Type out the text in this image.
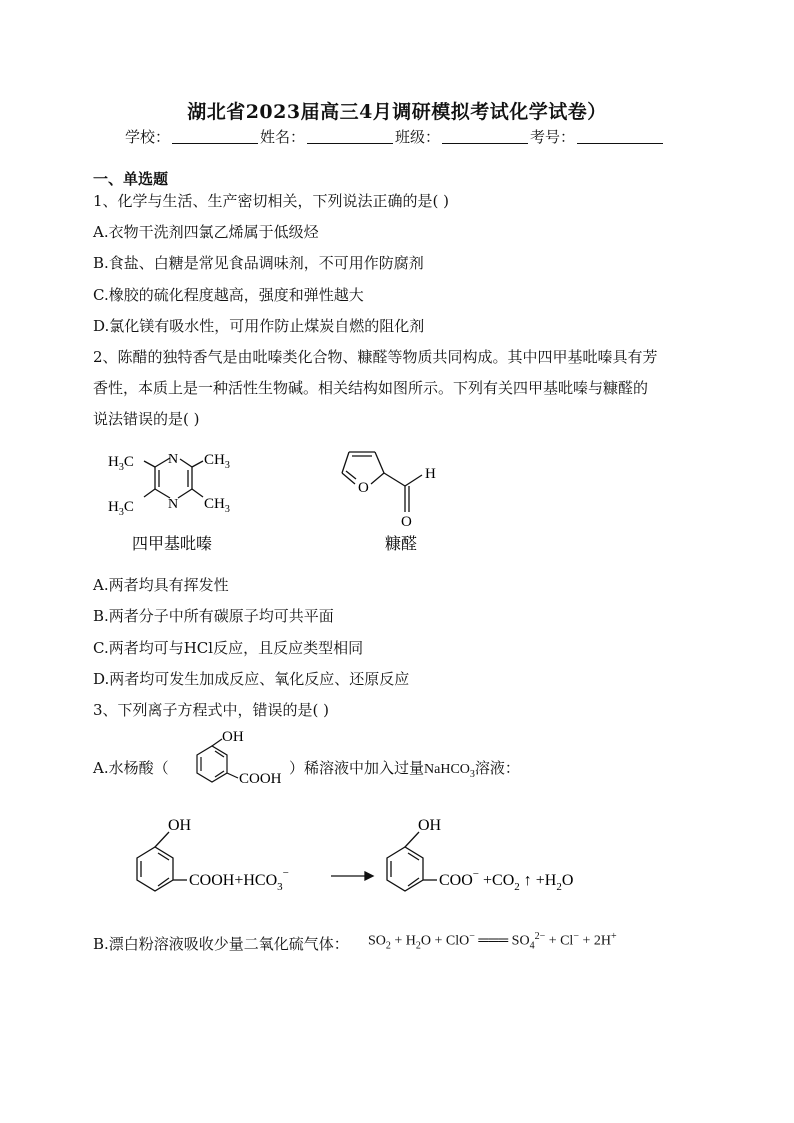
湖北省2023届高三4月调研模拟考试化学试卷）
学校：	姓名：	班级：	考号：
一、单选题
1、化学与生活、生产密切相关，下列说法正确的是( )
A.衣物干洗剂四氯乙烯属于低级烃
B.食盐、白糖是常见食品调味剂，不可用作防腐剂
C.橡胶的硫化程度越高，强度和弹性越大
D.氯化镁有吸水性，可用作防止煤炭自燃的阻化剂
2、陈醋的独特香气是由吡嗪类化合物、糠醛等物质共同构成。其中四甲基吡嗪具有芳
香性，本质上是一种活性生物碱。相关结构如图所示。下列有关四甲基吡嗪与糠醛的
说法错误的是( )
$H_3C$	$CH_3$
N
N
$H_3C$	$CH_3$
四甲基吡嗪
O
H
O
糠醛
A.两者均具有挥发性
B.两者分子中所有碳原子均可共平面
C.两者均可与HCl反应，且反应类型相同
D.两者均可发生加成反应、氧化反应、还原反应
3、下列离子方程式中，错误的是( )
A.水杨酸（
OH
COOH
）稀溶液中加入过量NaHCO$_3$溶液：
OH
$COOH+HCO_3^-$
OH
$COO^- +CO_2$ ↑ $+H_2O$
B.漂白粉溶液吸收少量二氧化硫气体： $SO_2 + H_2O + ClO^-$ ═══ $SO_4^{2-} + Cl^- + 2H^+$
